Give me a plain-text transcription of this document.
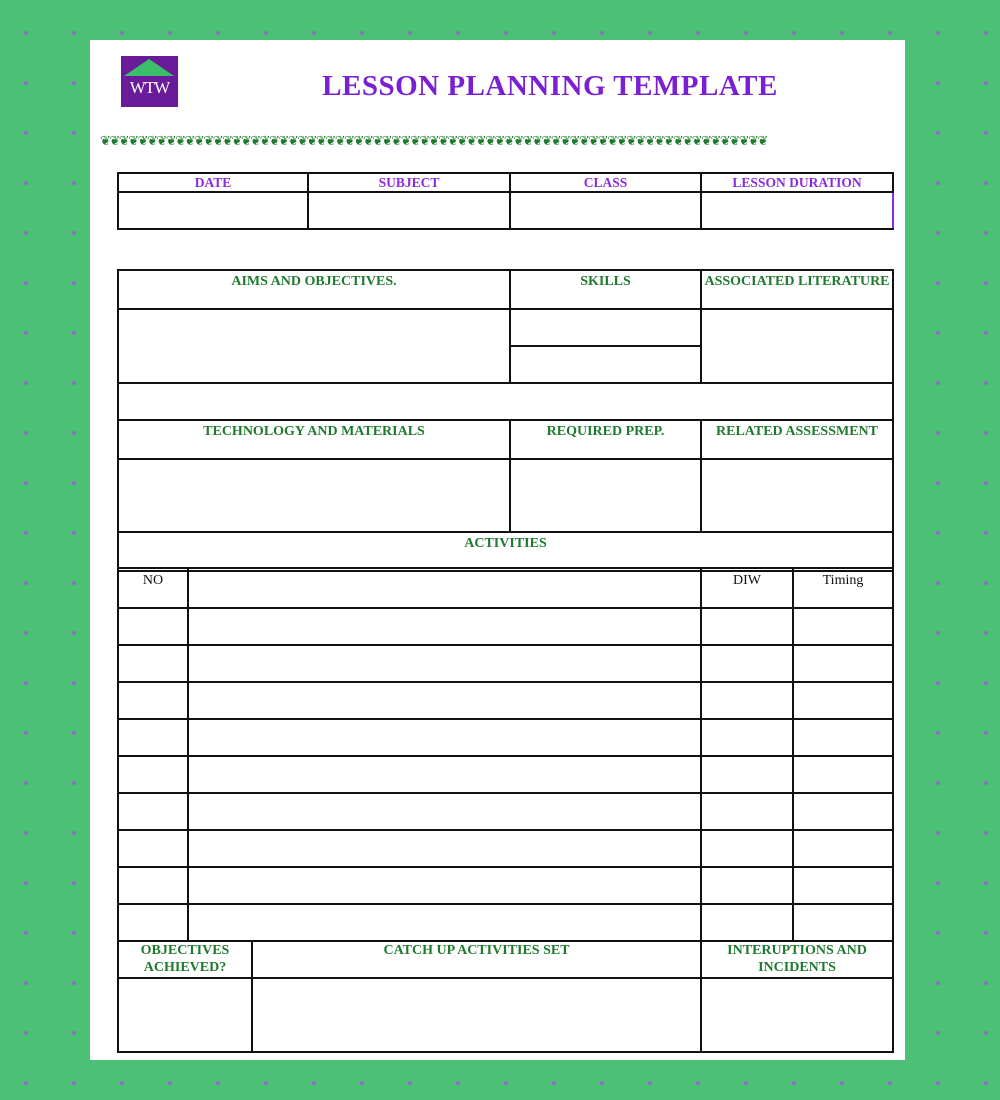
WTW	LESSON PLANNING TEMPLATE
❦❦❦❦❦❦❦❦❦❦❦❦❦❦❦❦❦❦❦❦❦❦❦❦❦❦❦❦❦❦❦❦❦❦❦❦❦❦❦❦❦❦❦❦❦❦❦❦❦❦❦❦❦❦❦❦❦❦❦❦❦❦❦❦❦❦❦❦❦❦❦
DATE	SUBJECT	CLASS	LESSON DURATION

AIMS AND OBJECTIVES.	SKILLS	ASSOCIATED LITERATURE

TECHNOLOGY AND MATERIALS	REQUIRED PREP.	RELATED ASSESSMENT

ACTIVITIES		
NO		DIW	Timing

OBJECTIVES ACHIEVED?	CATCH UP ACTIVITIES SET	INTERUPTIONS AND INCIDENTS
